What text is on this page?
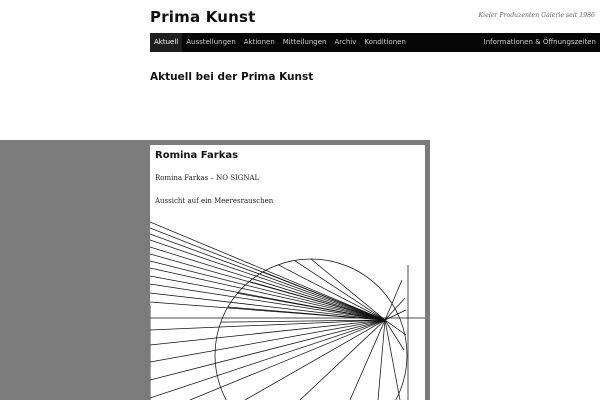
Prima Kunst	Kieler Produzenten Galerie seit 1986
Aktuell	Ausstellungen	Aktionen	Mitteilungen	Archiv	Konditionen	Informationen & Öffnungszeiten
Aktuell bei der Prima Kunst
Romina Farkas
Romina Farkas – NO SIGNAL
Aussicht auf ein Meeresrauschen
